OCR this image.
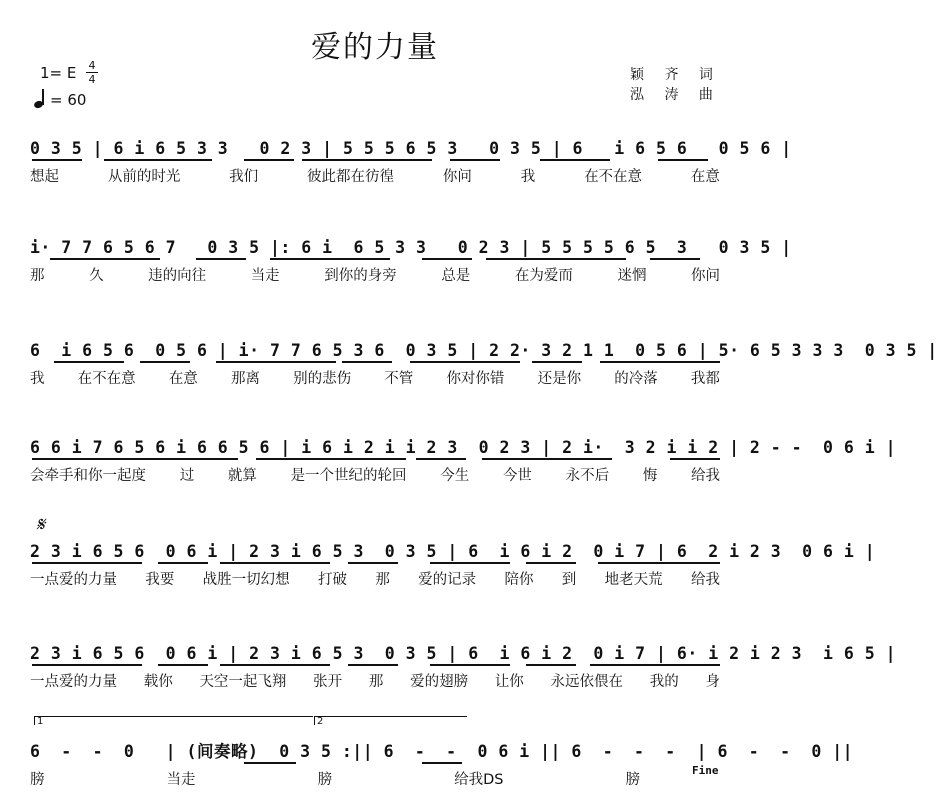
爱的力量
1= E 4
4
= 60
颖 齐 词
泓 涛 曲
0 3 5 | 6 i 6 5 3 3   0 2 3 | 5 5 5 6 5 3   0 3 5 | 6   i 6 5 6   0 5 6 |
想起	从前的时光	我们	彼此都在彷徨	你问	我	在不在意	在意
i· 7 7 6 5 6 7   0 3 5 |: 6 i  6 5 3 3   0 2 3 | 5 5 5 5 6 5  3   0 3 5 |
那	久	违的向往	当走	到你的身旁	总是	在为爱而	迷惘	你问
6  i 6 5 6  0 5 6 | i· 7 7 6 5 3 6  0 3 5 | 2 2· 3 2 1 1  0 5 6 | 5· 6 5 3 3 3  0 3 5 |
我 在不在意 在意 那离 别的悲伤 不管 你对你错 还是你 的冷落 我都
6 6 i 7 6 5 6 i 6 6 5 6 | i 6 i 2 i i 2 3  0 2 3 | 2 i·  3 2 i i 2 | 2 - -  0 6 i |
会牵手和你一起度 过 就算 是一个世纪的轮回 今生 今世 永不后 悔 给我
𝄋
2 3 i 6 5 6  0 6 i | 2 3 i 6 5 3  0 3 5 | 6  i 6 i 2  0 i 7 | 6  2 i 2 3  0 6 i |
一点爱的力量 我要 战胜一切幻想 打破 那 爱的记录 陪你 到 地老天荒 给我
2 3 i 6 5 6  0 6 i | 2 3 i 6 5 3  0 3 5 | 6  i 6 i 2  0 i 7 | 6· i 2 i 2 3  i 6 5 |
一点爱的力量 载你 天空一起飞翔 张开 那 爱的翅膀 让你 永远依偎在 我的 身
1	2
6  -  -  0   | (间奏略)  0 3 5 :|| 6  -  -  0 6 i || 6  -  -  -  | 6  -  -  0 ||
膀	当走	膀	给我DS	膀
Fine
